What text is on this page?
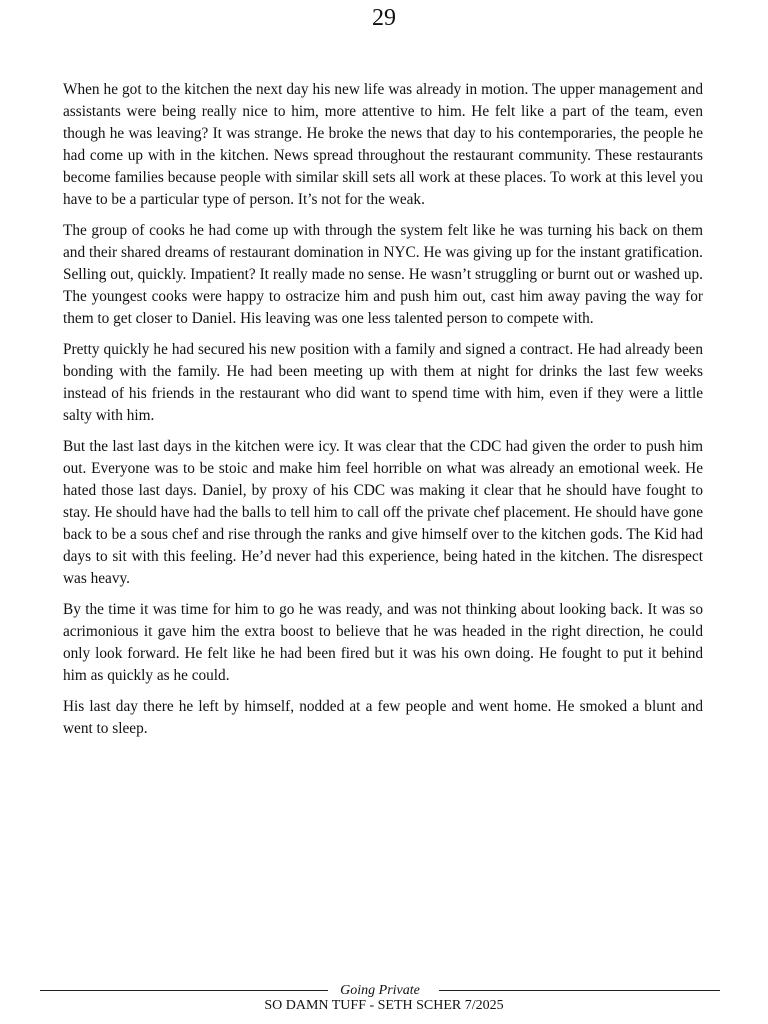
29

When he got to the kitchen the next day his new life was already in motion. The upper management and assistants were being really nice to him, more attentive to him. He felt like a part of the team, even though he was leaving? It was strange. He broke the news that day to his contemporaries, the people he had come up with in the kitchen. News spread throughout the restaurant community. These restaurants become families because people with similar skill sets all work at these places. To work at this level you have to be a particular type of person. It’s not for the weak.

The group of cooks he had come up with through the system felt like he was turning his back on them and their shared dreams of restaurant domination in NYC. He was giving up for the instant gratification. Selling out, quickly. Impatient? It really made no sense. He wasn’t struggling or burnt out or washed up. The youngest cooks were happy to ostracize him and push him out, cast him away paving the way for them to get closer to Daniel. His leaving was one less talented person to compete with.

Pretty quickly he had secured his new position with a family and signed a contract. He had already been bonding with the family. He had been meeting up with them at night for drinks the last few weeks instead of his friends in the restaurant who did want to spend time with him, even if they were a little salty with him.

But the last last days in the kitchen were icy. It was clear that the CDC had given the order to push him out. Everyone was to be stoic and make him feel horrible on what was already an emotional week. He hated those last days. Daniel, by proxy of his CDC was making it clear that he should have fought to stay. He should have had the balls to tell him to call off the private chef placement. He should have gone back to be a sous chef and rise through the ranks and give himself over to the kitchen gods. The Kid had days to sit with this feeling. He’d never had this experience, being hated in the kitchen. The disrespect was heavy.

By the time it was time for him to go he was ready, and was not thinking about looking back. It was so acrimonious it gave him the extra boost to believe that he was headed in the right direction, he could only look forward. He felt like he had been fired but it was his own doing. He fought to put it behind him as quickly as he could.

His last day there he left by himself, nodded at a few people and went home. He smoked a blunt and went to sleep.

Going Private
SO DAMN TUFF - SETH SCHER 7/2025
